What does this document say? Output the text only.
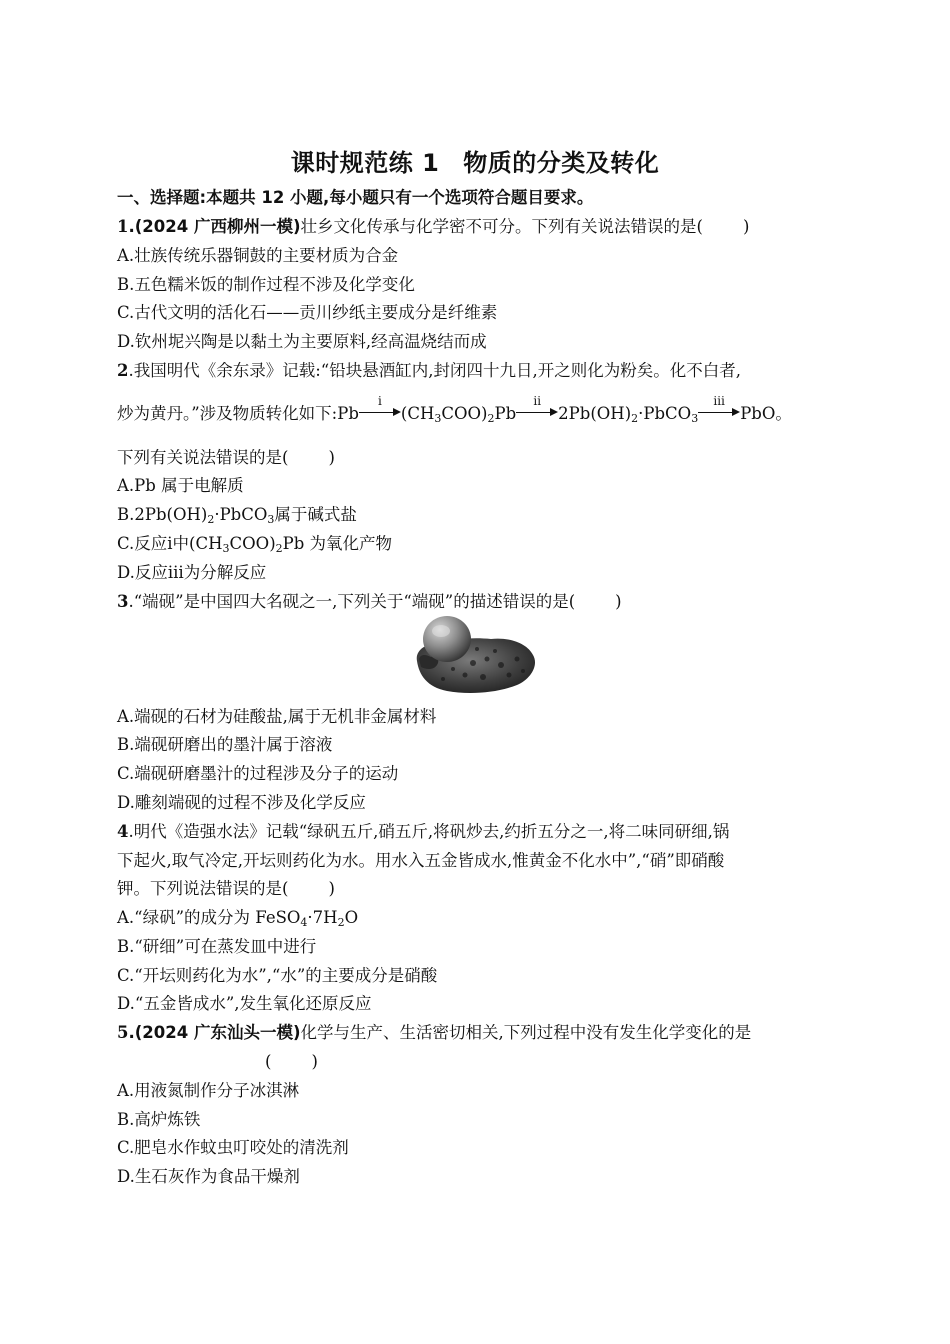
课时规范练 1 物质的分类及转化
一、选择题:本题共 12 小题,每小题只有一个选项符合题目要求。
1.(2024 广西柳州一模)壮乡文化传承与化学密不可分。下列有关说法错误的是( )
A.壮族传统乐器铜鼓的主要材质为合金
B.五色糯米饭的制作过程不涉及化学变化
C.古代文明的活化石——贡川纱纸主要成分是纤维素
D.钦州坭兴陶是以黏土为主要原料,经高温烧结而成
2.我国明代《余东录》记载:“铅块悬酒缸内,封闭四十九日,开之则化为粉矣。化不白者,
炒为黄丹。”涉及物质转化如下:Pb
ⅰ
$(CH_3COO)_2Pb$
ⅱ
$2Pb(OH)_2\cdot PbCO_3$
ⅲ
PbO。
下列有关说法错误的是( )
A.Pb 属于电解质
$B.2Pb(OH)_2\cdot PbCO_3$属于碱式盐
C.反应ⅰ中$(CH_3COO)_2Pb$ 为氧化产物
D.反应ⅲ为分解反应
3.“端砚”是中国四大名砚之一,下列关于“端砚”的描述错误的是( )
A.端砚的石材为硅酸盐,属于无机非金属材料
B.端砚研磨出的墨汁属于溶液
C.端砚研磨墨汁的过程涉及分子的运动
D.雕刻端砚的过程不涉及化学反应
4.明代《造强水法》记载“绿矾五斤,硝五斤,将矾炒去,约折五分之一,将二味同研细,锅
下起火,取气冷定,开坛则药化为水。用水入五金皆成水,惟黄金不化水中”,“硝”即硝酸
钾。下列说法错误的是( )
A.“绿矾”的成分为 $FeSO_4\cdot 7H_2O$
B.“研细”可在蒸发皿中进行
C.“开坛则药化为水”,“水”的主要成分是硝酸
D.“五金皆成水”,发生氧化还原反应
5.(2024 广东汕头一模)化学与生产、生活密切相关,下列过程中没有发生化学变化的是
( )
A.用液氮制作分子冰淇淋
B.高炉炼铁
C.肥皂水作蚊虫叮咬处的清洗剂
D.生石灰作为食品干燥剂
